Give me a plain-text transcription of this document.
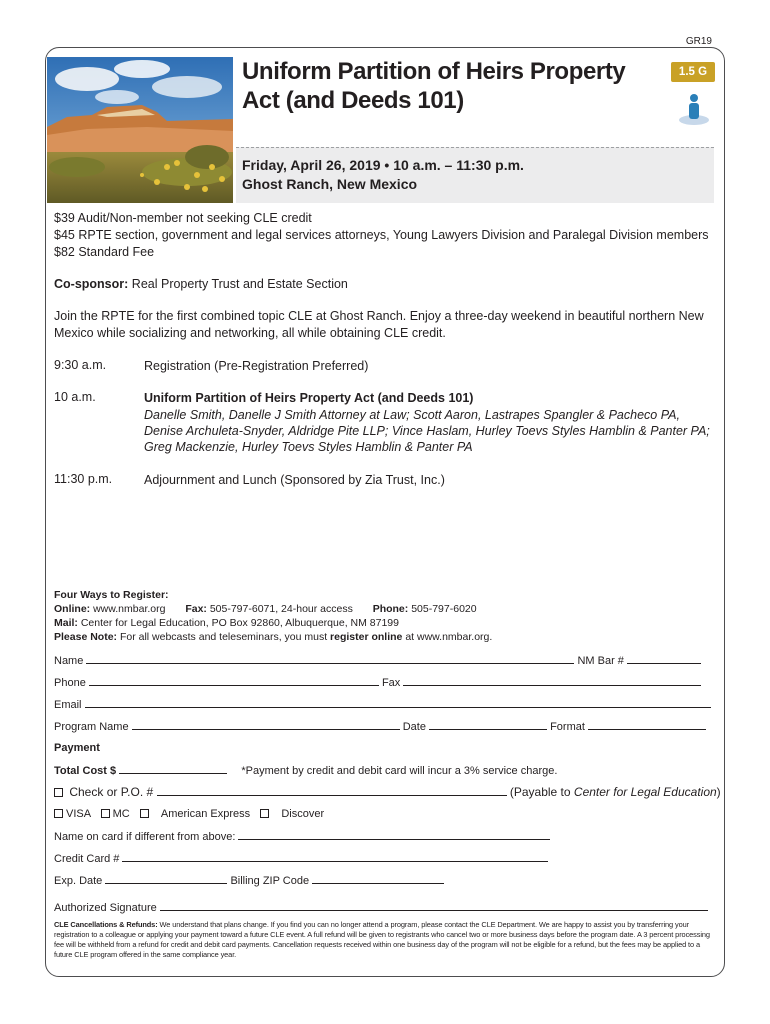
GR19
Uniform Partition of Heirs Property
Act (and Deeds 101)
1.5 G
Friday, April 26, 2019 • 10 a.m. – 11:30 p.m.
Ghost Ranch, New Mexico
$39 Audit/Non-member not seeking CLE credit
$45 RPTE section, government and legal services attorneys, Young Lawyers Division and Paralegal Division members
$82 Standard Fee
Co-sponsor: Real Property Trust and Estate Section
Join the RPTE for the first combined topic CLE at Ghost Ranch. Enjoy a three-day weekend in beautiful northern New
Mexico while socializing and networking, all while obtaining CLE credit.
9:30 a.m.	Registration (Pre-Registration Preferred)
10 a.m.	Uniform Partition of Heirs Property Act (and Deeds 101)
Danelle Smith, Danelle J Smith Attorney at Law; Scott Aaron, Lastrapes Spangler & Pacheco PA,
Denise Archuleta-Snyder, Aldridge Pite LLP; Vince Haslam, Hurley Toevs Styles Hamblin & Panter PA;
Greg Mackenzie, Hurley Toevs Styles Hamblin & Panter PA
11:30 p.m.	Adjournment and Lunch (Sponsored by Zia Trust, Inc.)
Four Ways to Register:
Online: www.nmbar.org Fax: 505-797-6071, 24-hour access Phone: 505-797-6020
Mail: Center for Legal Education, PO Box 92860, Albuquerque, NM 87199
Please Note: For all webcasts and teleseminars, you must register online at www.nmbar.org.
Name	NM Bar #
Phone	Fax
Email
Program Name	Date	Format
Payment
Total Cost $	*Payment by credit and debit card will incur a 3% service charge.
Check or P.O. #	(Payable to Center for Legal Education)
VISA MC	American Express	Discover
Name on card if different from above:
Credit Card #
Exp. Date	Billing ZIP Code
Authorized Signature
CLE Cancellations & Refunds: We understand that plans change. If you find you can no longer attend a program, please contact the CLE Department. We are happy to assist you by transferring your registration to a colleague or applying your payment toward a future CLE event. A full refund will be given to registrants who cancel two or more business days before the program date. A 3 percent processing fee will be withheld from a refund for credit and debit card payments. Cancellation requests received within one business day of the program will not be eligible for a refund, but the fees may be applied to a future CLE program offered in the same compliance year.
